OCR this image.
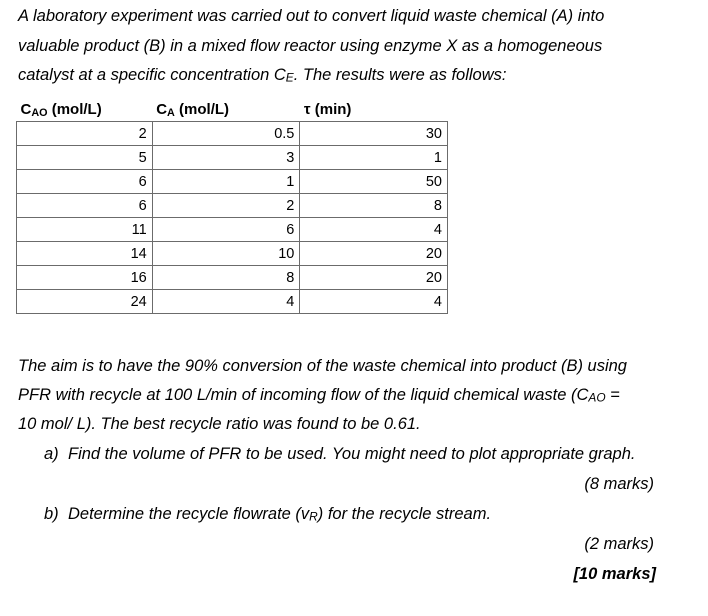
A laboratory experiment was carried out to convert liquid waste chemical (A) into
valuable product (B) in a mixed flow reactor using enzyme X as a homogeneous
catalyst at a specific concentration CE. The results were as follows:
CAO (mol/L)	CA (mol/L)	τ (min)
2	0.5	30
5	3	1
6	1	50
6	2	8
11	6	4
14	10	20
16	8	20
24	4	4
The aim is to have the 90% conversion of the waste chemical into product (B) using
PFR with recycle at 100 L/min of incoming flow of the liquid chemical waste (CAO =
10 mol/ L). The best recycle ratio was found to be 0.61.
a) Find the volume of PFR to be used. You might need to plot appropriate graph.
(8 marks)
b) Determine the recycle flowrate (vR) for the recycle stream.
(2 marks)
[10 marks]
